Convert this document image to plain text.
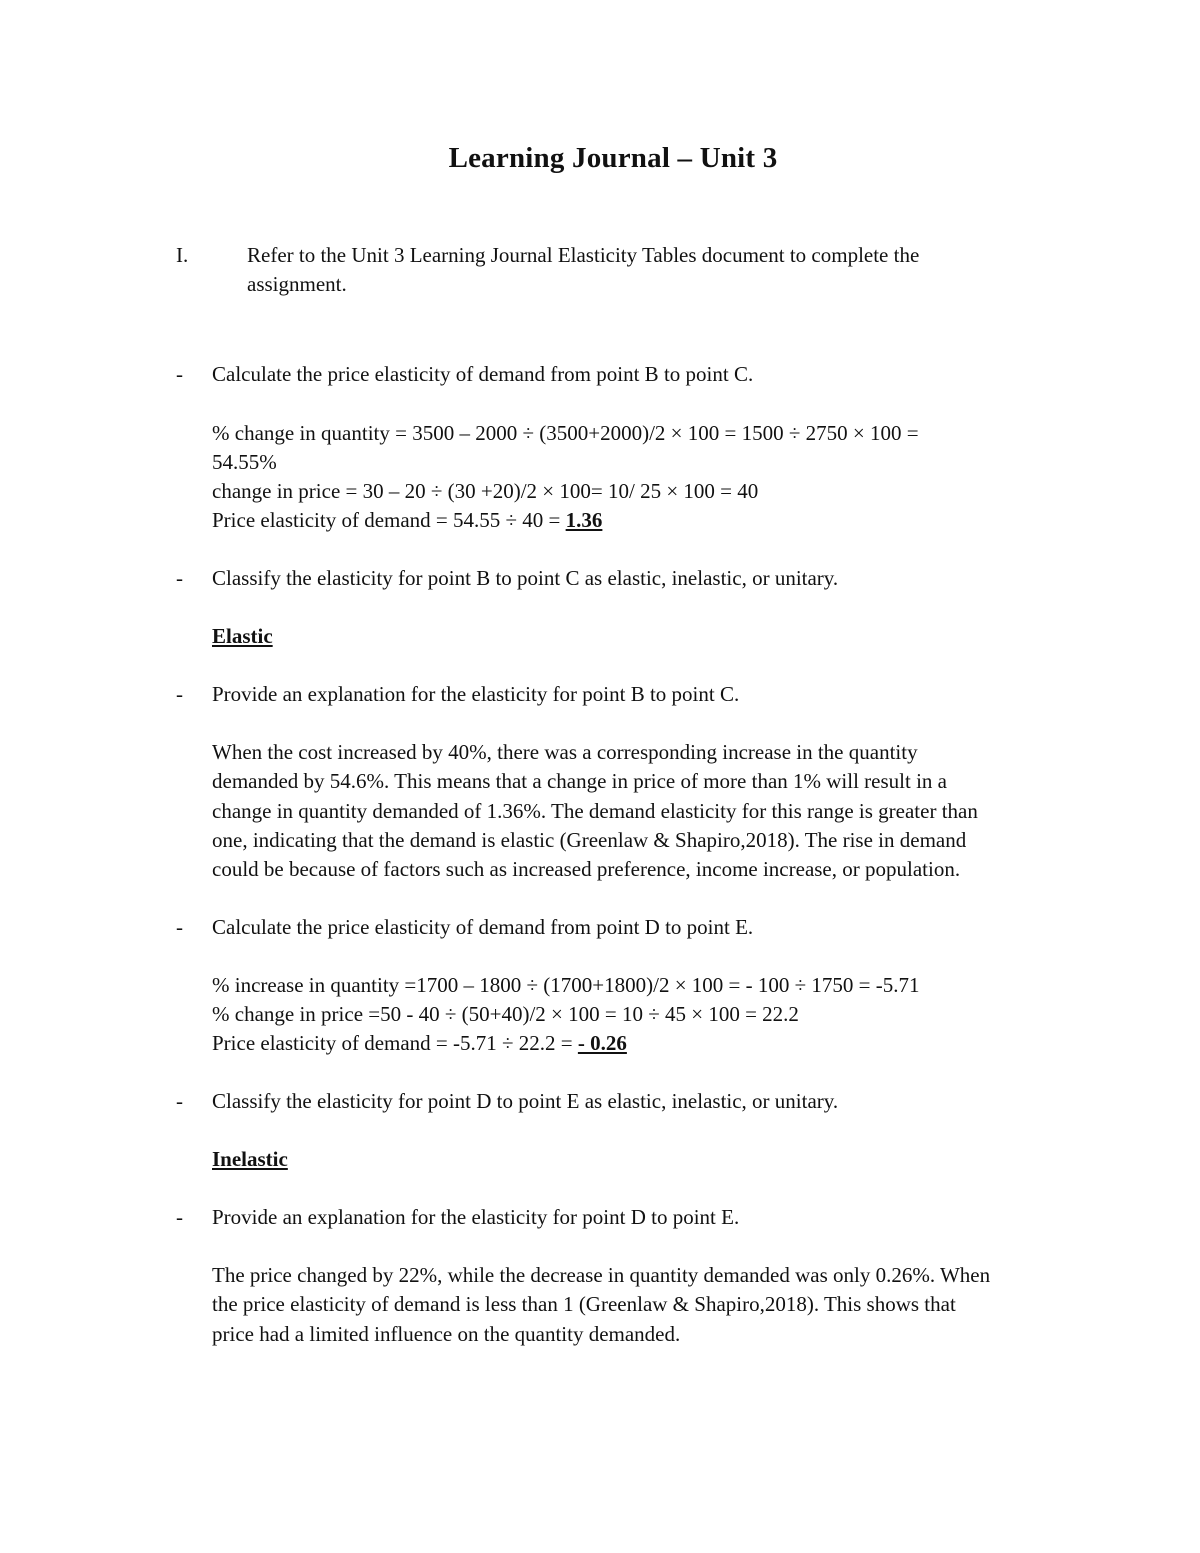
Learning Journal – Unit 3
I.	Refer to the Unit 3 Learning Journal Elasticity Tables document to complete the
assignment.
- Calculate the price elasticity of demand from point B to point C.
% change in quantity = 3500 – 2000 ÷ (3500+2000)/2 × 100 = 1500 ÷ 2750 × 100 =
54.55%
change in price = 30 – 20 ÷ (30 +20)/2 × 100= 10/ 25 × 100 = 40
Price elasticity of demand = 54.55 ÷ 40 = 1.36
- Classify the elasticity for point B to point C as elastic, inelastic, or unitary.
Elastic
- Provide an explanation for the elasticity for point B to point C.
When the cost increased by 40%, there was a corresponding increase in the quantity
demanded by 54.6%. This means that a change in price of more than 1% will result in a
change in quantity demanded of 1.36%. The demand elasticity for this range is greater than
one, indicating that the demand is elastic (Greenlaw & Shapiro,2018). The rise in demand
could be because of factors such as increased preference, income increase, or population.
- Calculate the price elasticity of demand from point D to point E.
% increase in quantity =1700 – 1800 ÷ (1700+1800)/2 × 100 = - 100 ÷ 1750 = -5.71
% change in price =50 - 40 ÷ (50+40)/2 × 100 = 10 ÷ 45 × 100 = 22.2
Price elasticity of demand = -5.71 ÷ 22.2 = - 0.26
- Classify the elasticity for point D to point E as elastic, inelastic, or unitary.
Inelastic
- Provide an explanation for the elasticity for point D to point E.
The price changed by 22%, while the decrease in quantity demanded was only 0.26%. When
the price elasticity of demand is less than 1 (Greenlaw & Shapiro,2018). This shows that
price had a limited influence on the quantity demanded.
